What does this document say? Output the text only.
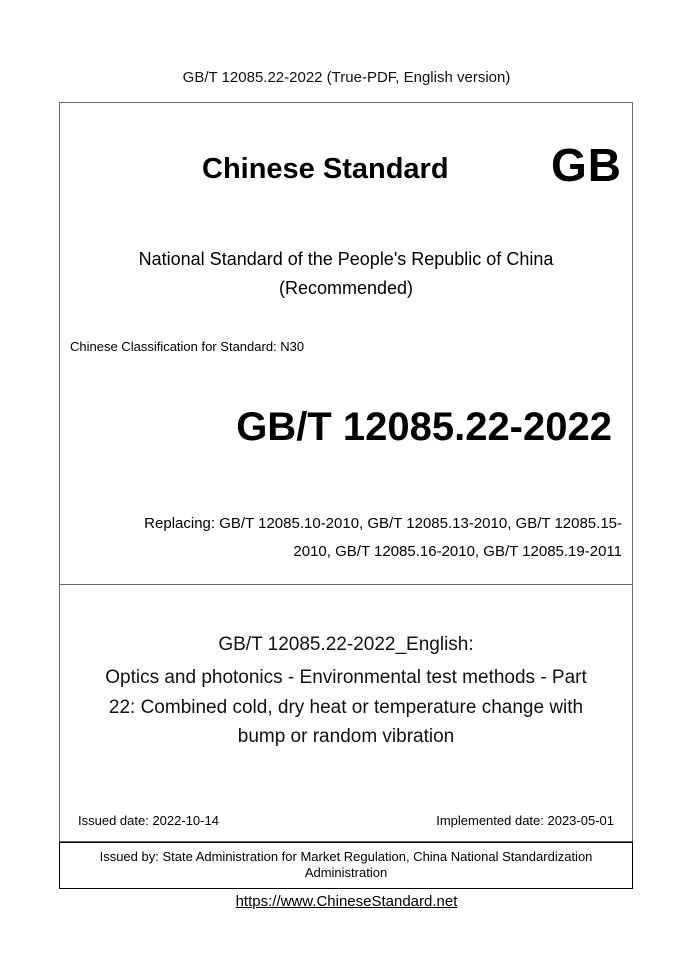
GB/T 12085.22-2022 (True-PDF, English version)
Chinese Standard GB
National Standard of the People's Republic of China
(Recommended)
Chinese Classification for Standard: N30
GB/T 12085.22-2022
Replacing: GB/T 12085.10-2010, GB/T 12085.13-2010, GB/T 12085.15-
2010, GB/T 12085.16-2010, GB/T 12085.19-2011
GB/T 12085.22-2022_English:
Optics and photonics - Environmental test methods - Part
22: Combined cold, dry heat or temperature change with
bump or random vibration
Issued date: 2022-10-14	Implemented date: 2023-05-01
Issued by: State Administration for Market Regulation, China National Standardization
Administration
https://www.ChineseStandard.net
